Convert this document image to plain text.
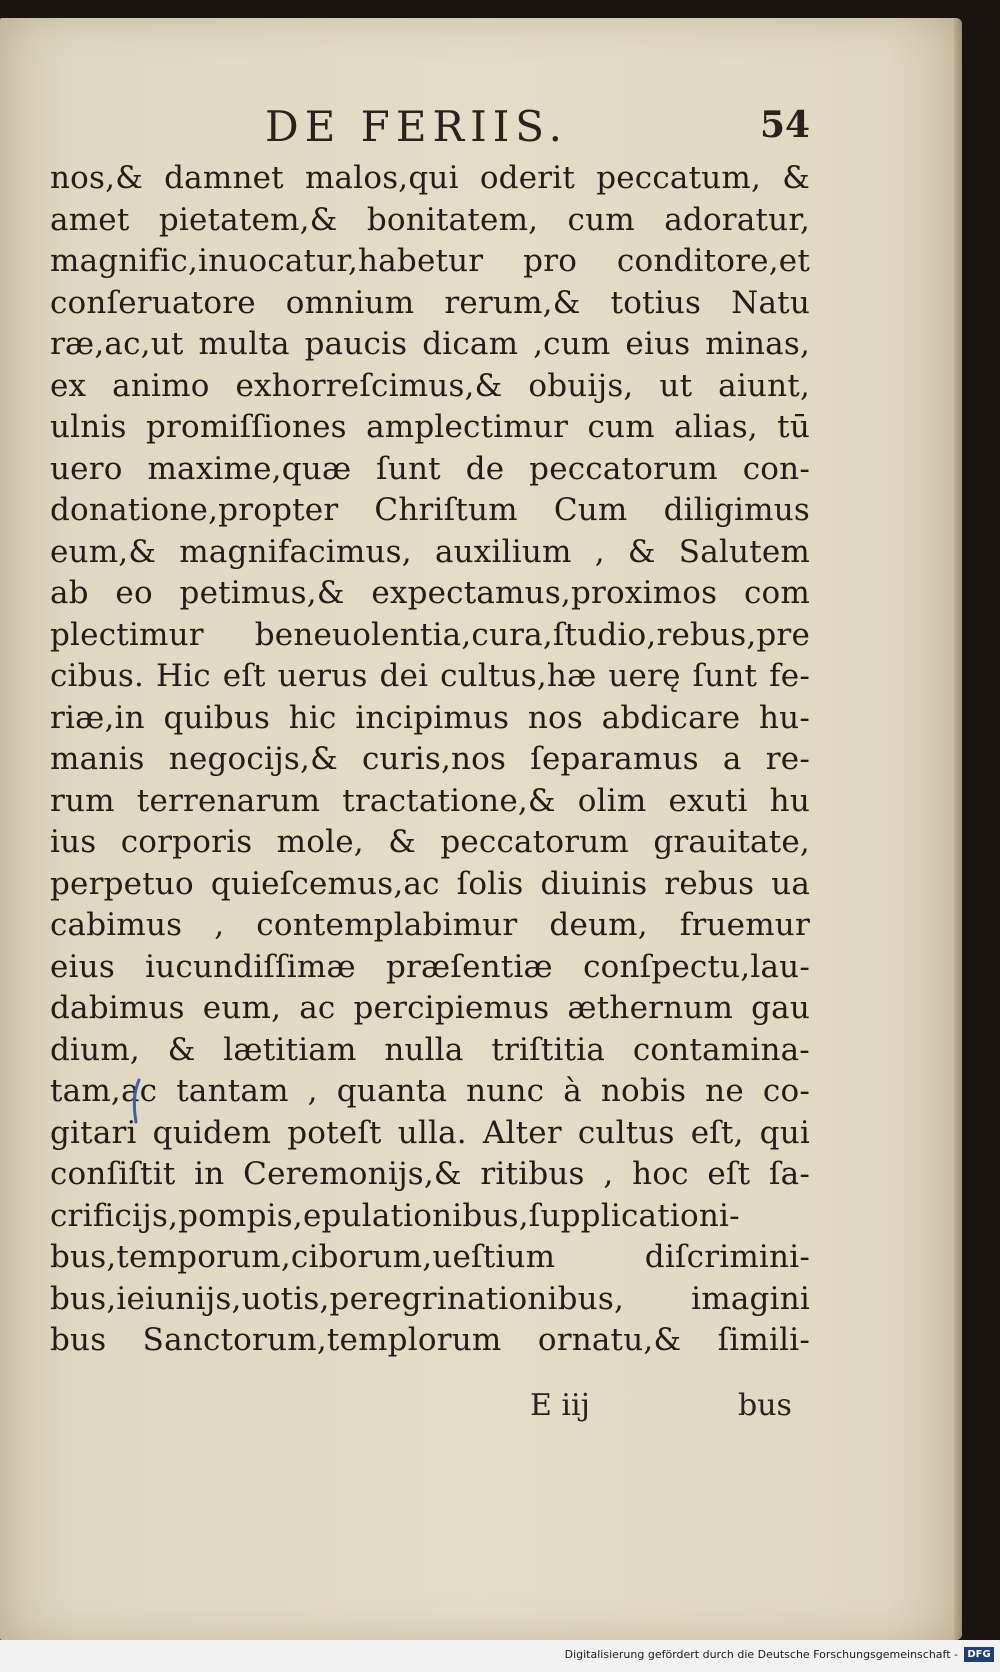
DE FERIIS.	54
nos,& damnet malos,qui oderit peccatum, &
amet pietatem,& bonitatem, cum adoratur,
magnific,inuocatur,habetur pro conditore,et
conſeruatore omnium rerum,& totius Natu
ræ,ac,ut multa paucis dicam ,cum eius minas,
ex animo exhorreſcimus,& obuijs, ut aiunt,
ulnis promiſſiones amplectimur cum alias, tū
uero maxime,quæ ſunt de peccatorum con-
donatione,propter Chriſtum Cum diligimus
eum,& magnifacimus, auxilium , & Salutem
ab eo petimus,& expectamus,proximos com
plectimur beneuolentia,cura,ſtudio,rebus,pre
cibus. Hic eſt uerus dei cultus,hæ uerę ſunt fe-
riæ,in quibus hic incipimus nos abdicare hu-
manis negocijs,& curis,nos ſeparamus a re-
rum terrenarum tractatione,& olim exuti hu
ius corporis mole, & peccatorum grauitate,
perpetuo quieſcemus,ac ſolis diuinis rebus ua
cabimus , contemplabimur deum, fruemur
eius iucundiſſimæ præſentiæ conſpectu,lau-
dabimus eum, ac percipiemus æthernum gau
dium, & lætitiam nulla triſtitia contamina-
tam,ac tantam , quanta nunc à nobis ne co-
gitari quidem poteſt ulla. Alter cultus eſt, qui
conſiſtit in Ceremonijs,& ritibus , hoc eſt ſa-
crificijs,pompis,epulationibus,ſupplicationi-
bus,temporum,ciborum,ueſtium diſcrimini-
bus,ieiunijs,uotis,peregrinationibus, imagini
bus Sanctorum,templorum ornatu,& ſimili-
E iij	bus
Digitalisierung gefördert durch die Deutsche Forschungsgemeinschaft - DFG
